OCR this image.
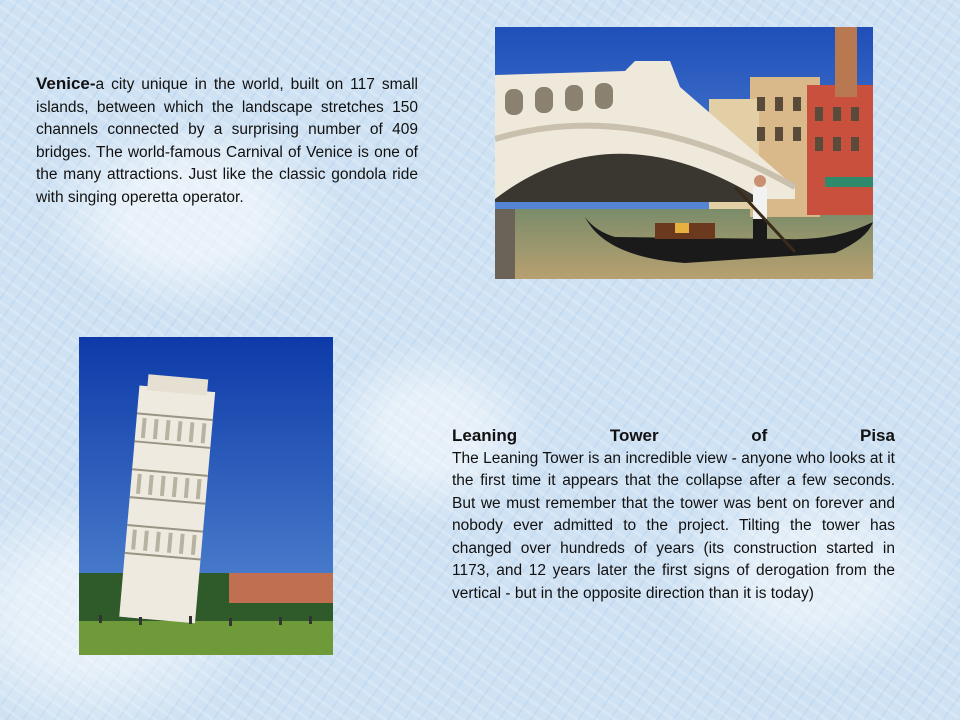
Venice-a city unique in the world, built on 117 small islands, between which the landscape stretches 150 channels connected by a surprising number of 409 bridges. The world-famous Carnival of Venice is one of the many attractions. Just like the classic gondola ride with singing operetta operator.
Leaning	Tower	of	Pisa
The Leaning Tower is an incredible view - anyone who looks at it the first time it appears that the collapse after a few seconds. But we must remember that the tower was bent on forever and nobody ever admitted to the project. Tilting the tower has changed over hundreds of years (its construction started in 1173, and 12 years later the first signs of derogation from the vertical - but in the opposite direction than it is today)
